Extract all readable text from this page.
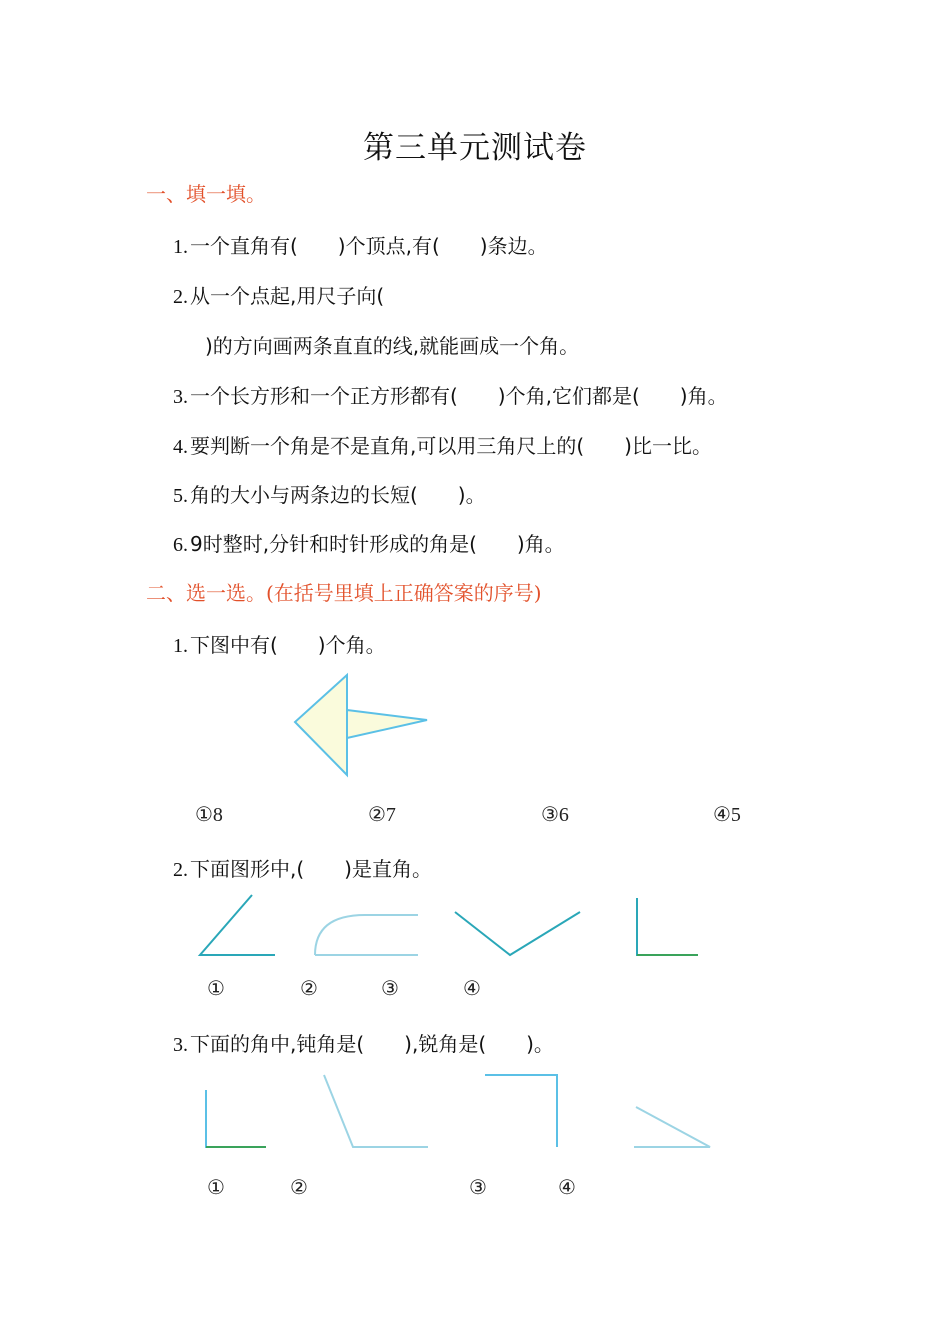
第三单元测试卷
一、填一填。
1. 一个直角有(　　)个顶点,有(　　)条边。
2. 从一个点起,用尺子向(
)的方向画两条直直的线,就能画成一个角。
3. 一个长方形和一个正方形都有(　　)个角,它们都是(　　)角。
4. 要判断一个角是不是直角,可以用三角尺上的(　　)比一比。
5. 角的大小与两条边的长短(　　)。
6. 9时整时,分针和时针形成的角是(　　)角。
二、选一选。(在括号里填上正确答案的序号)
1. 下图中有(　　)个角。
①8	②7	③6	④5
2. 下面图形中,(　　)是直角。
①	②	③	④
3. 下面的角中,钝角是(　　),锐角是(　　)。
①	②	③	④
